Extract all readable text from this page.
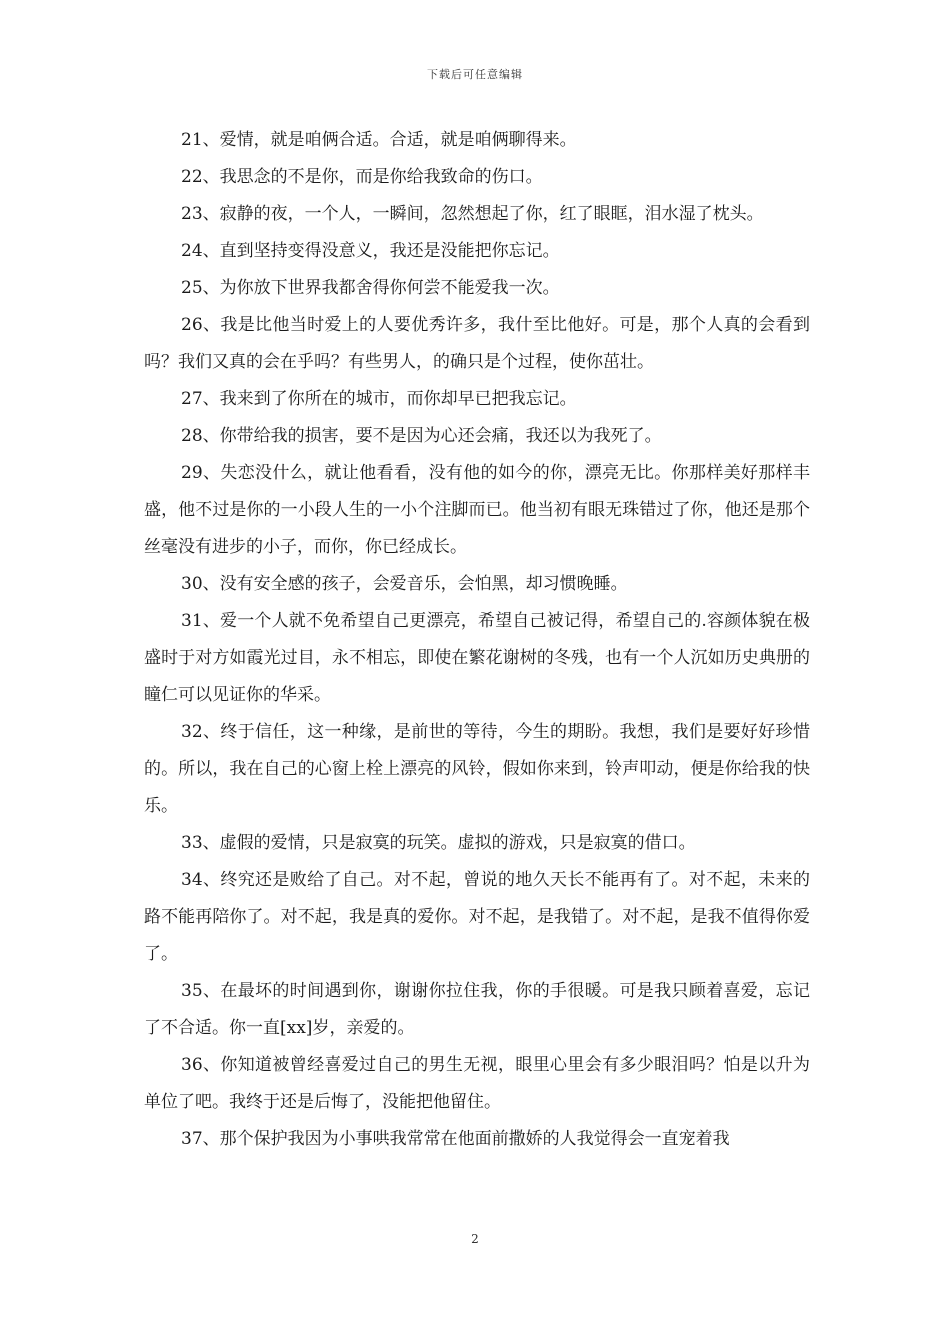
下载后可任意编辑

21、爱情，就是咱俩合适。合适，就是咱俩聊得来。

22、我思念的不是你，而是你给我致命的伤口。

23、寂静的夜，一个人，一瞬间，忽然想起了你，红了眼眶，泪水湿了枕头。

24、直到坚持变得没意义，我还是没能把你忘记。

25、为你放下世界我都舍得你何尝不能爱我一次。

26、我是比他当时爱上的人要优秀许多，我什至比他好。可是，那个人真的会看到吗？我们又真的会在乎吗？有些男人，的确只是个过程，使你茁壮。

27、我来到了你所在的城市，而你却早已把我忘记。

28、你带给我的损害，要不是因为心还会痛，我还以为我死了。

29、失恋没什么，就让他看看，没有他的如今的你，漂亮无比。你那样美好那样丰盛，他不过是你的一小段人生的一小个注脚而已。他当初有眼无珠错过了你，他还是那个丝毫没有进步的小子，而你，你已经成长。

30、没有安全感的孩子，会爱音乐，会怕黑，却习惯晚睡。

31、爱一个人就不免希望自己更漂亮，希望自己被记得，希望自己的.容颜体貌在极盛时于对方如霞光过目，永不相忘，即使在繁花谢树的冬残，也有一个人沉如历史典册的瞳仁可以见证你的华采。

32、终于信任，这一种缘，是前世的等待，今生的期盼。我想，我们是要好好珍惜的。所以，我在自己的心窗上栓上漂亮的风铃，假如你来到，铃声叩动，便是你给我的快乐。

33、虚假的爱情，只是寂寞的玩笑。虚拟的游戏，只是寂寞的借口。

34、终究还是败给了自己。对不起，曾说的地久天长不能再有了。对不起，未来的路不能再陪你了。对不起，我是真的爱你。对不起，是我错了。对不起，是我不值得你爱了。

35、在最坏的时间遇到你，谢谢你拉住我，你的手很暖。可是我只顾着喜爱，忘记了不合适。你一直[xx]岁，亲爱的。

36、你知道被曾经喜爱过自己的男生无视，眼里心里会有多少眼泪吗？怕是以升为单位了吧。我终于还是后悔了，没能把他留住。

37、那个保护我因为小事哄我常常在他面前撒娇的人我觉得会一直宠着我

2
